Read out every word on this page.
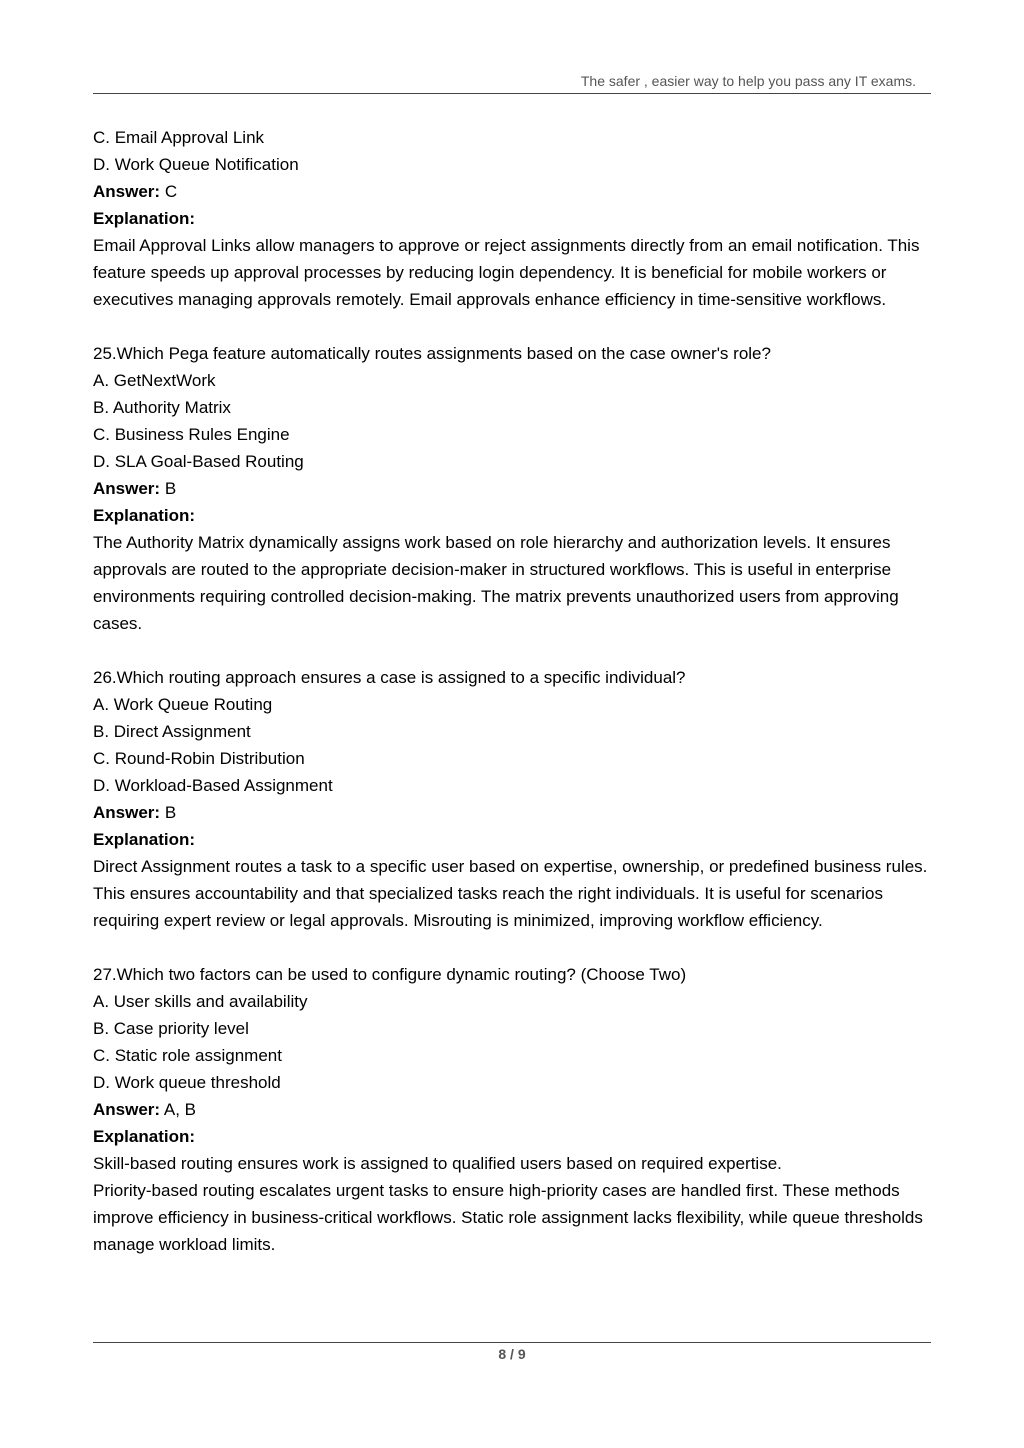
The safer , easier way to help you pass any IT exams.
C. Email Approval Link
D. Work Queue Notification
Answer: C
Explanation:
Email Approval Links allow managers to approve or reject assignments directly from an email notification. This feature speeds up approval processes by reducing login dependency. It is beneficial for mobile workers or executives managing approvals remotely. Email approvals enhance efficiency in time-sensitive workflows.
25.Which Pega feature automatically routes assignments based on the case owner's role?
A. GetNextWork
B. Authority Matrix
C. Business Rules Engine
D. SLA Goal-Based Routing
Answer: B
Explanation:
The Authority Matrix dynamically assigns work based on role hierarchy and authorization levels. It ensures approvals are routed to the appropriate decision-maker in structured workflows. This is useful in enterprise environments requiring controlled decision-making. The matrix prevents unauthorized users from approving cases.
26.Which routing approach ensures a case is assigned to a specific individual?
A. Work Queue Routing
B. Direct Assignment
C. Round-Robin Distribution
D. Workload-Based Assignment
Answer: B
Explanation:
Direct Assignment routes a task to a specific user based on expertise, ownership, or predefined business rules. This ensures accountability and that specialized tasks reach the right individuals. It is useful for scenarios requiring expert review or legal approvals. Misrouting is minimized, improving workflow efficiency.
27.Which two factors can be used to configure dynamic routing? (Choose Two)
A. User skills and availability
B. Case priority level
C. Static role assignment
D. Work queue threshold
Answer: A, B
Explanation:
Skill-based routing ensures work is assigned to qualified users based on required expertise.
Priority-based routing escalates urgent tasks to ensure high-priority cases are handled first. These methods improve efficiency in business-critical workflows. Static role assignment lacks flexibility, while queue thresholds manage workload limits.
8 / 9
